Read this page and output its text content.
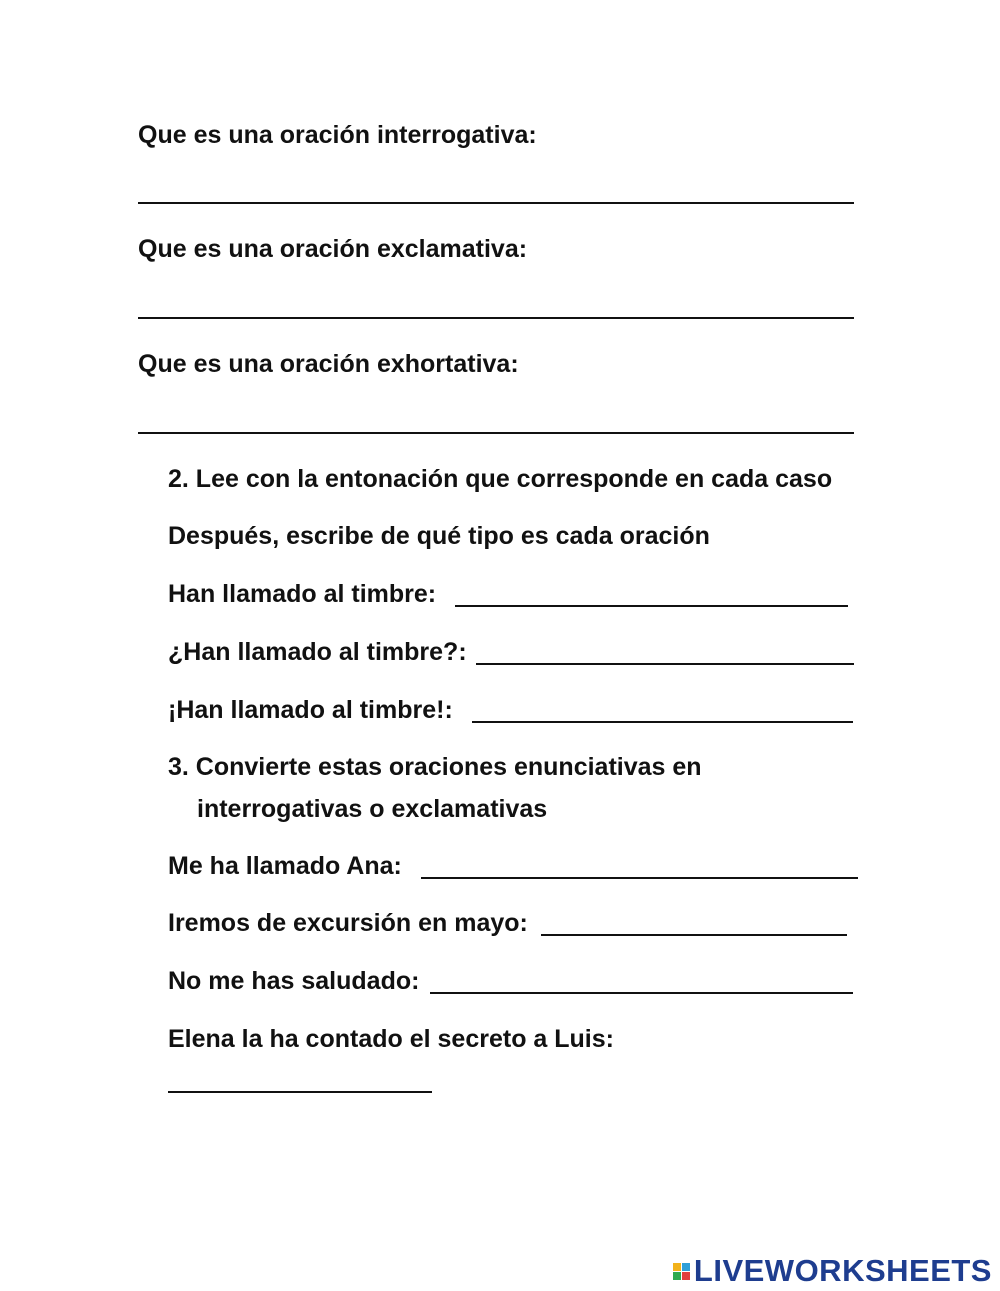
Que es una oración interrogativa:
Que es una oración exclamativa:
Que es una oración exhortativa:
2. Lee con la entonación que corresponde en cada caso
Después, escribe de qué tipo es cada oración
Han llamado al timbre:
¿Han llamado al timbre?:
¡Han llamado al timbre!:
3. Convierte estas oraciones enunciativas en
interrogativas o exclamativas
Me ha llamado Ana:
Iremos de excursión en mayo:
No me has saludado:
Elena la ha contado el secreto a Luis:
LIVEWORKSHEETS
